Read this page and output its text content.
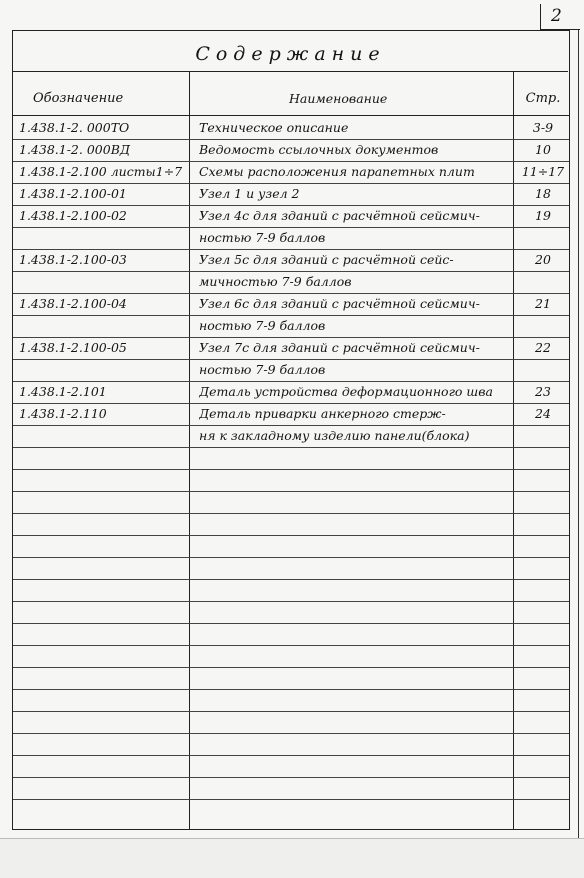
2
Содержание
Обозначение	Наименование	Стр.
1.438.1-2. 000ТО	Техническое описание	3-9
1.438.1-2. 000ВД	Ведомость ссылочных документов	10
1.438.1-2.100 листы1÷7	Схемы расположения парапетных плит	11÷17
1.438.1-2.100-01	Узел 1 и узел 2	18
1.438.1-2.100-02	Узел 4с для зданий с расчётной сейсмич-	19
ностью 7-9 баллов
1.438.1-2.100-03	Узел 5с для зданий с расчётной сейс-	20
мичностью 7-9 баллов
1.438.1-2.100-04	Узел 6с для зданий с расчётной сейсмич-	21
ностью 7-9 баллов
1.438.1-2.100-05	Узел 7с для зданий с расчётной сейсмич-	22
ностью 7-9 баллов
1.438.1-2.101	Деталь устройства деформационного шва	23
1.438.1-2.110	Деталь приварки анкерного стерж-	24
ня к закладному изделию панели(блока)
